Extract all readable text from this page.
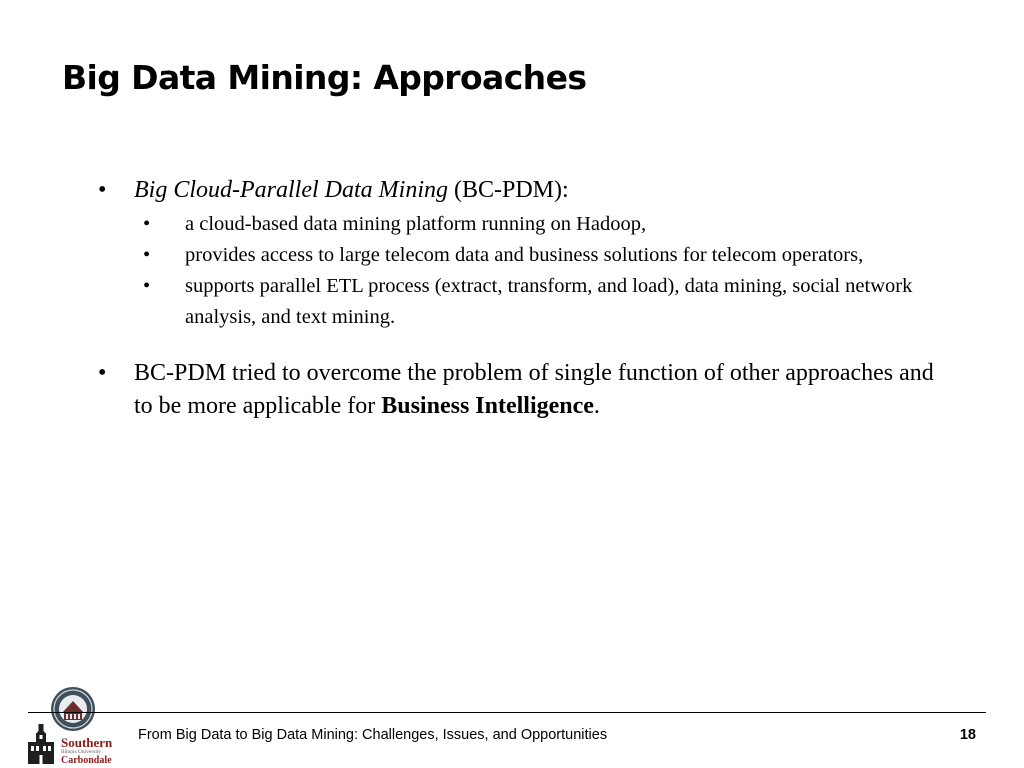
Big Data Mining: Approaches
• Big Cloud-Parallel Data Mining (BC-PDM):
• a cloud-based data mining platform running on Hadoop,
• provides access to large telecom data and business solutions for telecom operators,
• supports parallel ETL process (extract, transform, and load), data mining, social network analysis, and text mining.
• BC-PDM tried to overcome the problem of single function of other approaches and to be more applicable for Business Intelligence.
Southern
Illinois University
Carbondale
From Big Data to Big Data Mining: Challenges, Issues, and Opportunities	18
